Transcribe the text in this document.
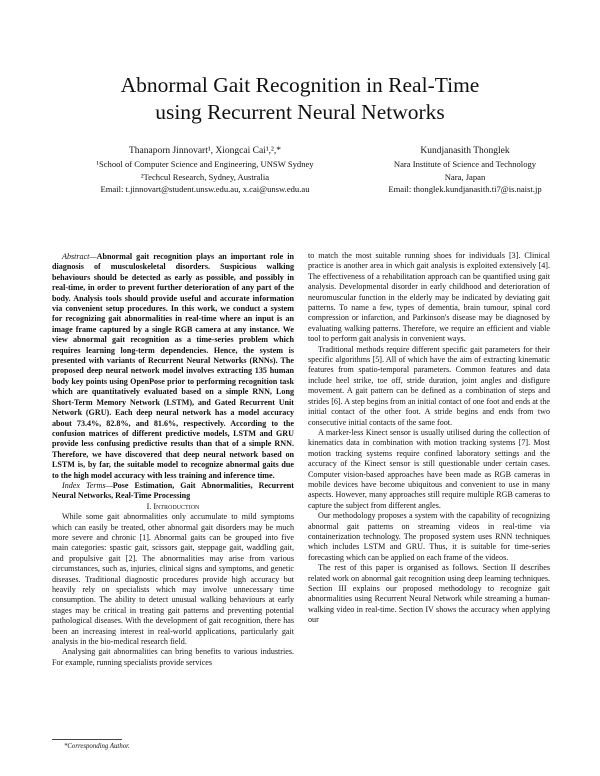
Abnormal Gait Recognition in Real-Time
using Recurrent Neural Networks
Thanaporn Jinnovart¹, Xiongcai Cai¹,²,*
¹School of Computer Science and Engineering, UNSW Sydney
²Techcul Research, Sydney, Australia
Email: t.jinnovart@student.unsw.edu.au, x.cai@unsw.edu.au
Kundjanasith Thonglek
Nara Institute of Science and Technology
Nara, Japan
Email: thonglek.kundjanasith.ti7@is.naist.jp

Abstract—Abnormal gait recognition plays an important role in diagnosis of musculoskeletal disorders. Suspicious walking behaviours should be detected as early as possible, and possibly in real-time, in order to prevent further deterioration of any part of the body. Analysis tools should provide useful and accurate information via convenient setup procedures. In this work, we conduct a system for recognizing gait abnormalities in real-time where an input is an image frame captured by a single RGB camera at any instance. We view abnormal gait recognition as a time-series problem which requires learning long-term dependencies. Hence, the system is presented with variants of Recurrent Neural Networks (RNNs). The proposed deep neural network model involves extracting 135 human body key points using OpenPose prior to performing recognition task which are quantitatively evaluated based on a simple RNN, Long Short-Term Memory Network (LSTM), and Gated Recurrent Unit Network (GRU). Each deep neural network has a model accuracy about 73.4%, 82.8%, and 81.6%, respectively. According to the confusion matrices of different predictive models, LSTM and GRU provide less confusing predictive results than that of a simple RNN. Therefore, we have discovered that deep neural network based on LSTM is, by far, the suitable model to recognize abnormal gaits due to the high model accuracy with less training and inference time.

Index Terms—Pose Estimation, Gait Abnormalities, Recurrent Neural Networks, Real-Time Processing

I. Introduction

While some gait abnormalities only accumulate to mild symptoms which can easily be treated, other abnormal gait disorders may be much more severe and chronic [1]. Abnormal gaits can be grouped into five main categories: spastic gait, scissors gait, steppage gait, waddling gait, and propulsive gait [2]. The abnormalities may arise from various circumstances, such as, injuries, clinical signs and symptoms, and genetic diseases. Traditional diagnostic procedures provide high accuracy but heavily rely on specialists which may involve unnecessary time consumption. The ability to detect unusual walking behaviours at early stages may be critical in treating gait patterns and preventing potential pathological diseases. With the development of gait recognition, there has been an increasing interest in real-world applications, particularly gait analysis in the bio-medical research field.

Analysing gait abnormalities can bring benefits to various industries. For example, running specialists provide services

to match the most suitable running shoes for individuals [3]. Clinical practice is another area in which gait analysis is exploited extensively [4]. The effectiveness of a rehabilitation approach can be quantified using gait analysis. Developmental disorder in early childhood and deterioration of neuromuscular function in the elderly may be indicated by deviating gait patterns. To name a few, types of dementia, brain tumour, spinal cord compression or infarction, and Parkinson's disease may be diagnosed by evaluating walking patterns. Therefore, we require an efficient and viable tool to perform gait analysis in convenient ways.

Traditional methods require different specific gait parameters for their specific algorithms [5]. All of which have the aim of extracting kinematic features from spatio-temporal parameters. Common features and data include heel strike, toe off, stride duration, joint angles and disfigure movement. A gait pattern can be defined as a combination of steps and strides [6]. A step begins from an initial contact of one foot and ends at the initial contact of the other foot. A stride begins and ends from two consecutive initial contacts of the same foot.

A marker-less Kinect sensor is usually utilised during the collection of kinematics data in combination with motion tracking systems [7]. Most motion tracking systems require confined laboratory settings and the accuracy of the Kinect sensor is still questionable under certain cases. Computer vision-based approaches have been made as RGB cameras in mobile devices have become ubiquitous and convenient to use in many aspects. However, many approaches still require multiple RGB cameras to capture the subject from different angles.

Our methodology proposes a system with the capability of recognizing abnormal gait patterns on streaming videos in real-time via containerization technology. The proposed system uses RNN techniques which includes LSTM and GRU. Thus, it is suitable for time-series forecasting which can be applied on each frame of the videos.

The rest of this paper is organised as follows. Section II describes related work on abnormal gait recognition using deep learning techniques. Section III explains our proposed methodology to recognize gait abnormalities using Recurrent Neural Network while streaming a human-walking video in real-time. Section IV shows the accuracy when applying our

*Corresponding Author.
